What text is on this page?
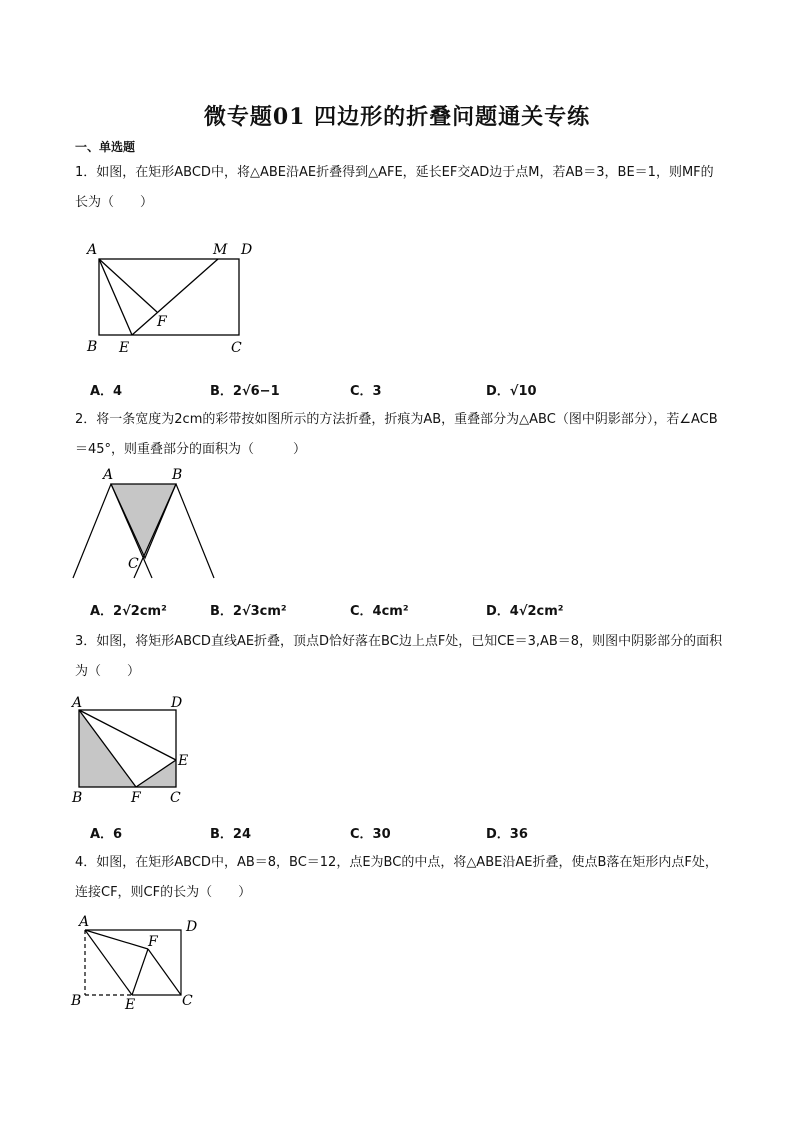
微专题01 四边形的折叠问题通关专练
一、单选题
1．如图，在矩形ABCD中，将△ABE沿AE折叠得到△AFE，延长EF交AD边于点M，若AB＝3，BE＝1，则MF的长为（　　）
A	M D
F
B E	C
A．4	B．2√6−1	C．3	D．√10
2．将一条宽度为2cm的彩带按如图所示的方法折叠，折痕为AB，重叠部分为△ABC（图中阴影部分），若∠ACB＝45°，则重叠部分的面积为（　　　）
A	B
C
A．2√2cm²	B．2√3cm²	C．4cm²	D．4√2cm²
3．如图，将矩形ABCD直线AE折叠，顶点D恰好落在BC边上点F处，已知CE＝3,AB＝8，则图中阴影部分的面积为（　　）
A	D
E
B	F C
A．6	B．24	C．30	D．36
4．如图，在矩形ABCD中，AB＝8，BC＝12，点E为BC的中点，将△ABE沿AE折叠，使点B落在矩形内点F处，连接CF，则CF的长为（　　）
A	D
F
B	E	C
